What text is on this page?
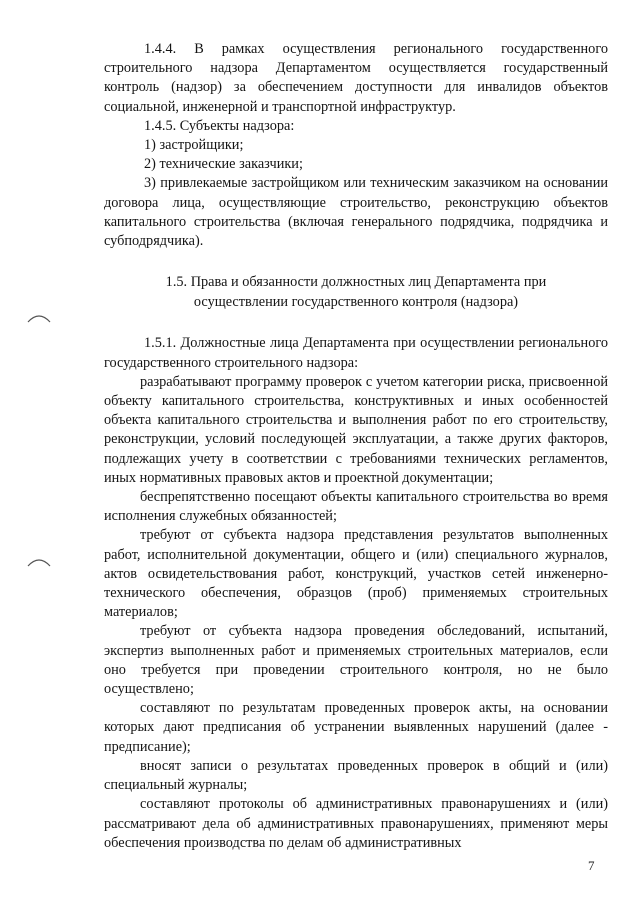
1.4.4. В рамках осуществления регионального государственного строительного надзора Департаментом осуществляется государственный контроль (надзор) за обеспечением доступности для инвалидов объектов социальной, инженерной и транспортной инфраструктур.

1.4.5. Субъекты надзора:

1) застройщики;

2) технические заказчики;

3) привлекаемые застройщиком или техническим заказчиком на основании договора лица, осуществляющие строительство, реконструкцию объектов капитального строительства (включая генерального подрядчика, подрядчика и субподрядчика).

1.5. Права и обязанности должностных лиц Департамента при
осуществлении государственного контроля (надзора)

1.5.1. Должностные лица Департамента при осуществлении регионального государственного строительного надзора:

разрабатывают программу проверок с учетом категории риска, присвоенной объекту капитального строительства, конструктивных и иных особенностей объекта капитального строительства и выполнения работ по его строительству, реконструкции, условий последующей эксплуатации, а также других факторов, подлежащих учету в соответствии с требованиями технических регламентов, иных нормативных правовых актов и проектной документации;

беспрепятственно посещают объекты капитального строительства во время исполнения служебных обязанностей;

требуют от субъекта надзора представления результатов выполненных работ, исполнительной документации, общего и (или) специального журналов, актов освидетельствования работ, конструкций, участков сетей инженерно-технического обеспечения, образцов (проб) применяемых строительных материалов;

требуют от субъекта надзора проведения обследований, испытаний, экспертиз выполненных работ и применяемых строительных материалов, если оно требуется при проведении строительного контроля, но не было осуществлено;

составляют по результатам проведенных проверок акты, на основании которых дают предписания об устранении выявленных нарушений (далее - предписание);

вносят записи о результатах проведенных проверок в общий и (или) специальный журналы;

составляют протоколы об административных правонарушениях и (или) рассматривают дела об административных правонарушениях, применяют меры обеспечения производства по делам об административных

7
